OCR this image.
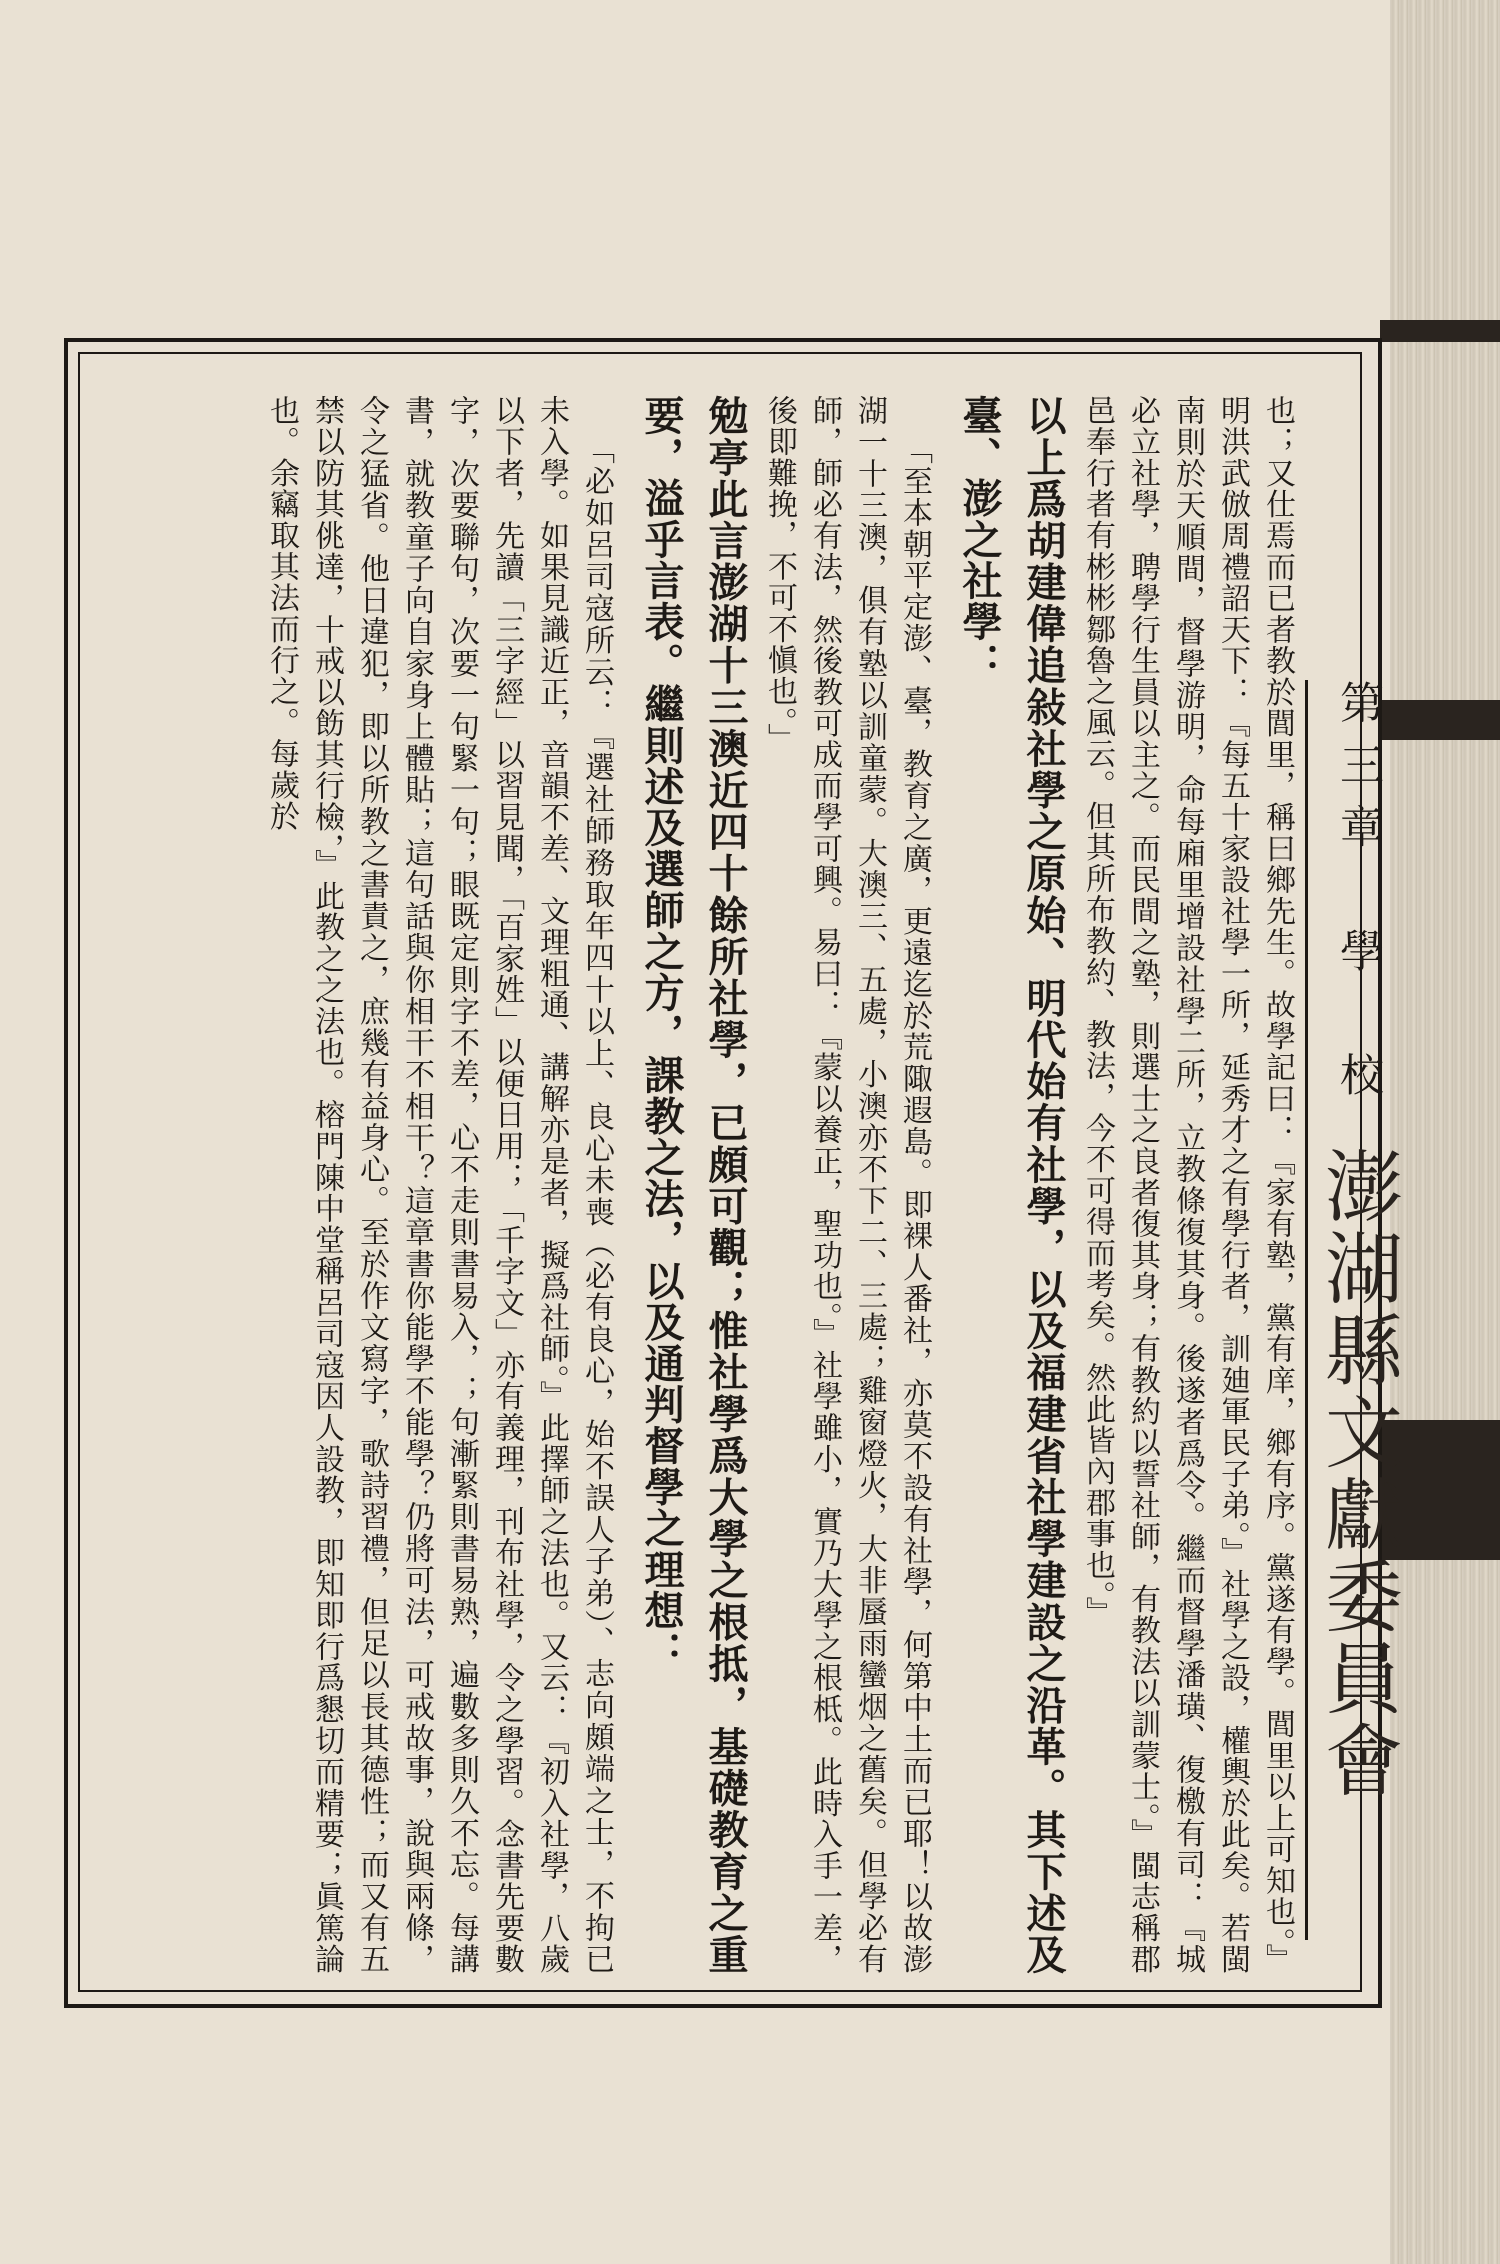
第三章　學　校 澎湖縣文獻委員會

也；又仕焉而已者教於閭里，稱曰鄉先生。故學記曰：『家有塾，黨有庠，鄉有序。黨遂有學。閭里以上可知也。』明洪武倣周禮詔天下：『每五十家設社學一所，延秀才之有學行者，訓廸軍民子弟。』社學之設，權輿於此矣。若閩南則於天順間，督學游明，命每廂里增設社學二所，立教條復其身。後遂者爲令。繼而督學潘璜、復檄有司：『城必立社學，聘學行生員以主之。而民間之塾，則選士之良者復其身；有教約以誓社師，有教法以訓蒙士。』閩志稱郡邑奉行者有彬彬鄒魯之風云。但其所布教約、教法，今不可得而考矣。然此皆內郡事也。』

以上爲胡建偉追敍社學之原始、明代始有社學，以及福建省社學建設之沿革。其下述及臺、澎之社學：

「至本朝平定澎、臺，教育之廣，更遠迄於荒陬遐島。即裸人番社，亦莫不設有社學，何第中土而已耶！以故澎湖一十三澳，俱有塾以訓童蒙。大澳三、五處，小澳亦不下二、三處；雞窗燈火，大非蜃雨蠻烟之舊矣。但學必有師，師必有法，然後教可成而學可興。易曰：『蒙以養正，聖功也。』社學雖小，實乃大學之根柢。此時入手一差，後即難挽，不可不愼也。」

勉亭此言澎湖十三澳近四十餘所社學，已頗可觀；惟社學爲大學之根抵，基礎教育之重要，溢乎言表。繼則述及選師之方，課教之法，以及通判督學之理想：

「必如呂司寇所云：『選社師務取年四十以上、良心未喪（必有良心，始不誤人子弟）、志向頗端之士，不拘已未入學。如果見識近正，音韻不差、文理粗通、講解亦是者，擬爲社師。』此擇師之法也。又云：『初入社學，八歲以下者，先讀「三字經」以習見聞，「百家姓」以便日用；「千字文」亦有義理，刊布社學，令之學習。念書先要數字，次要聯句，次要一句緊一句；眼既定則字不差，心不走則書易入，；句漸緊則書易熟，遍數多則久不忘。每講書，就教童子向自家身上體貼；這句話與你相干不相干？這章書你能學不能學？仍將可法，可戒故事，說與兩條，令之猛省。他日違犯，即以所教之書責之，庶幾有益身心。至於作文寫字，歌詩習禮，但足以長其德性；而又有五禁以防其佻達，十戒以飭其行檢，』此教之之法也。榕門陳中堂稱呂司寇因人設教，即知即行爲懇切而精要；眞篤論也。余竊取其法而行之。每歲於
